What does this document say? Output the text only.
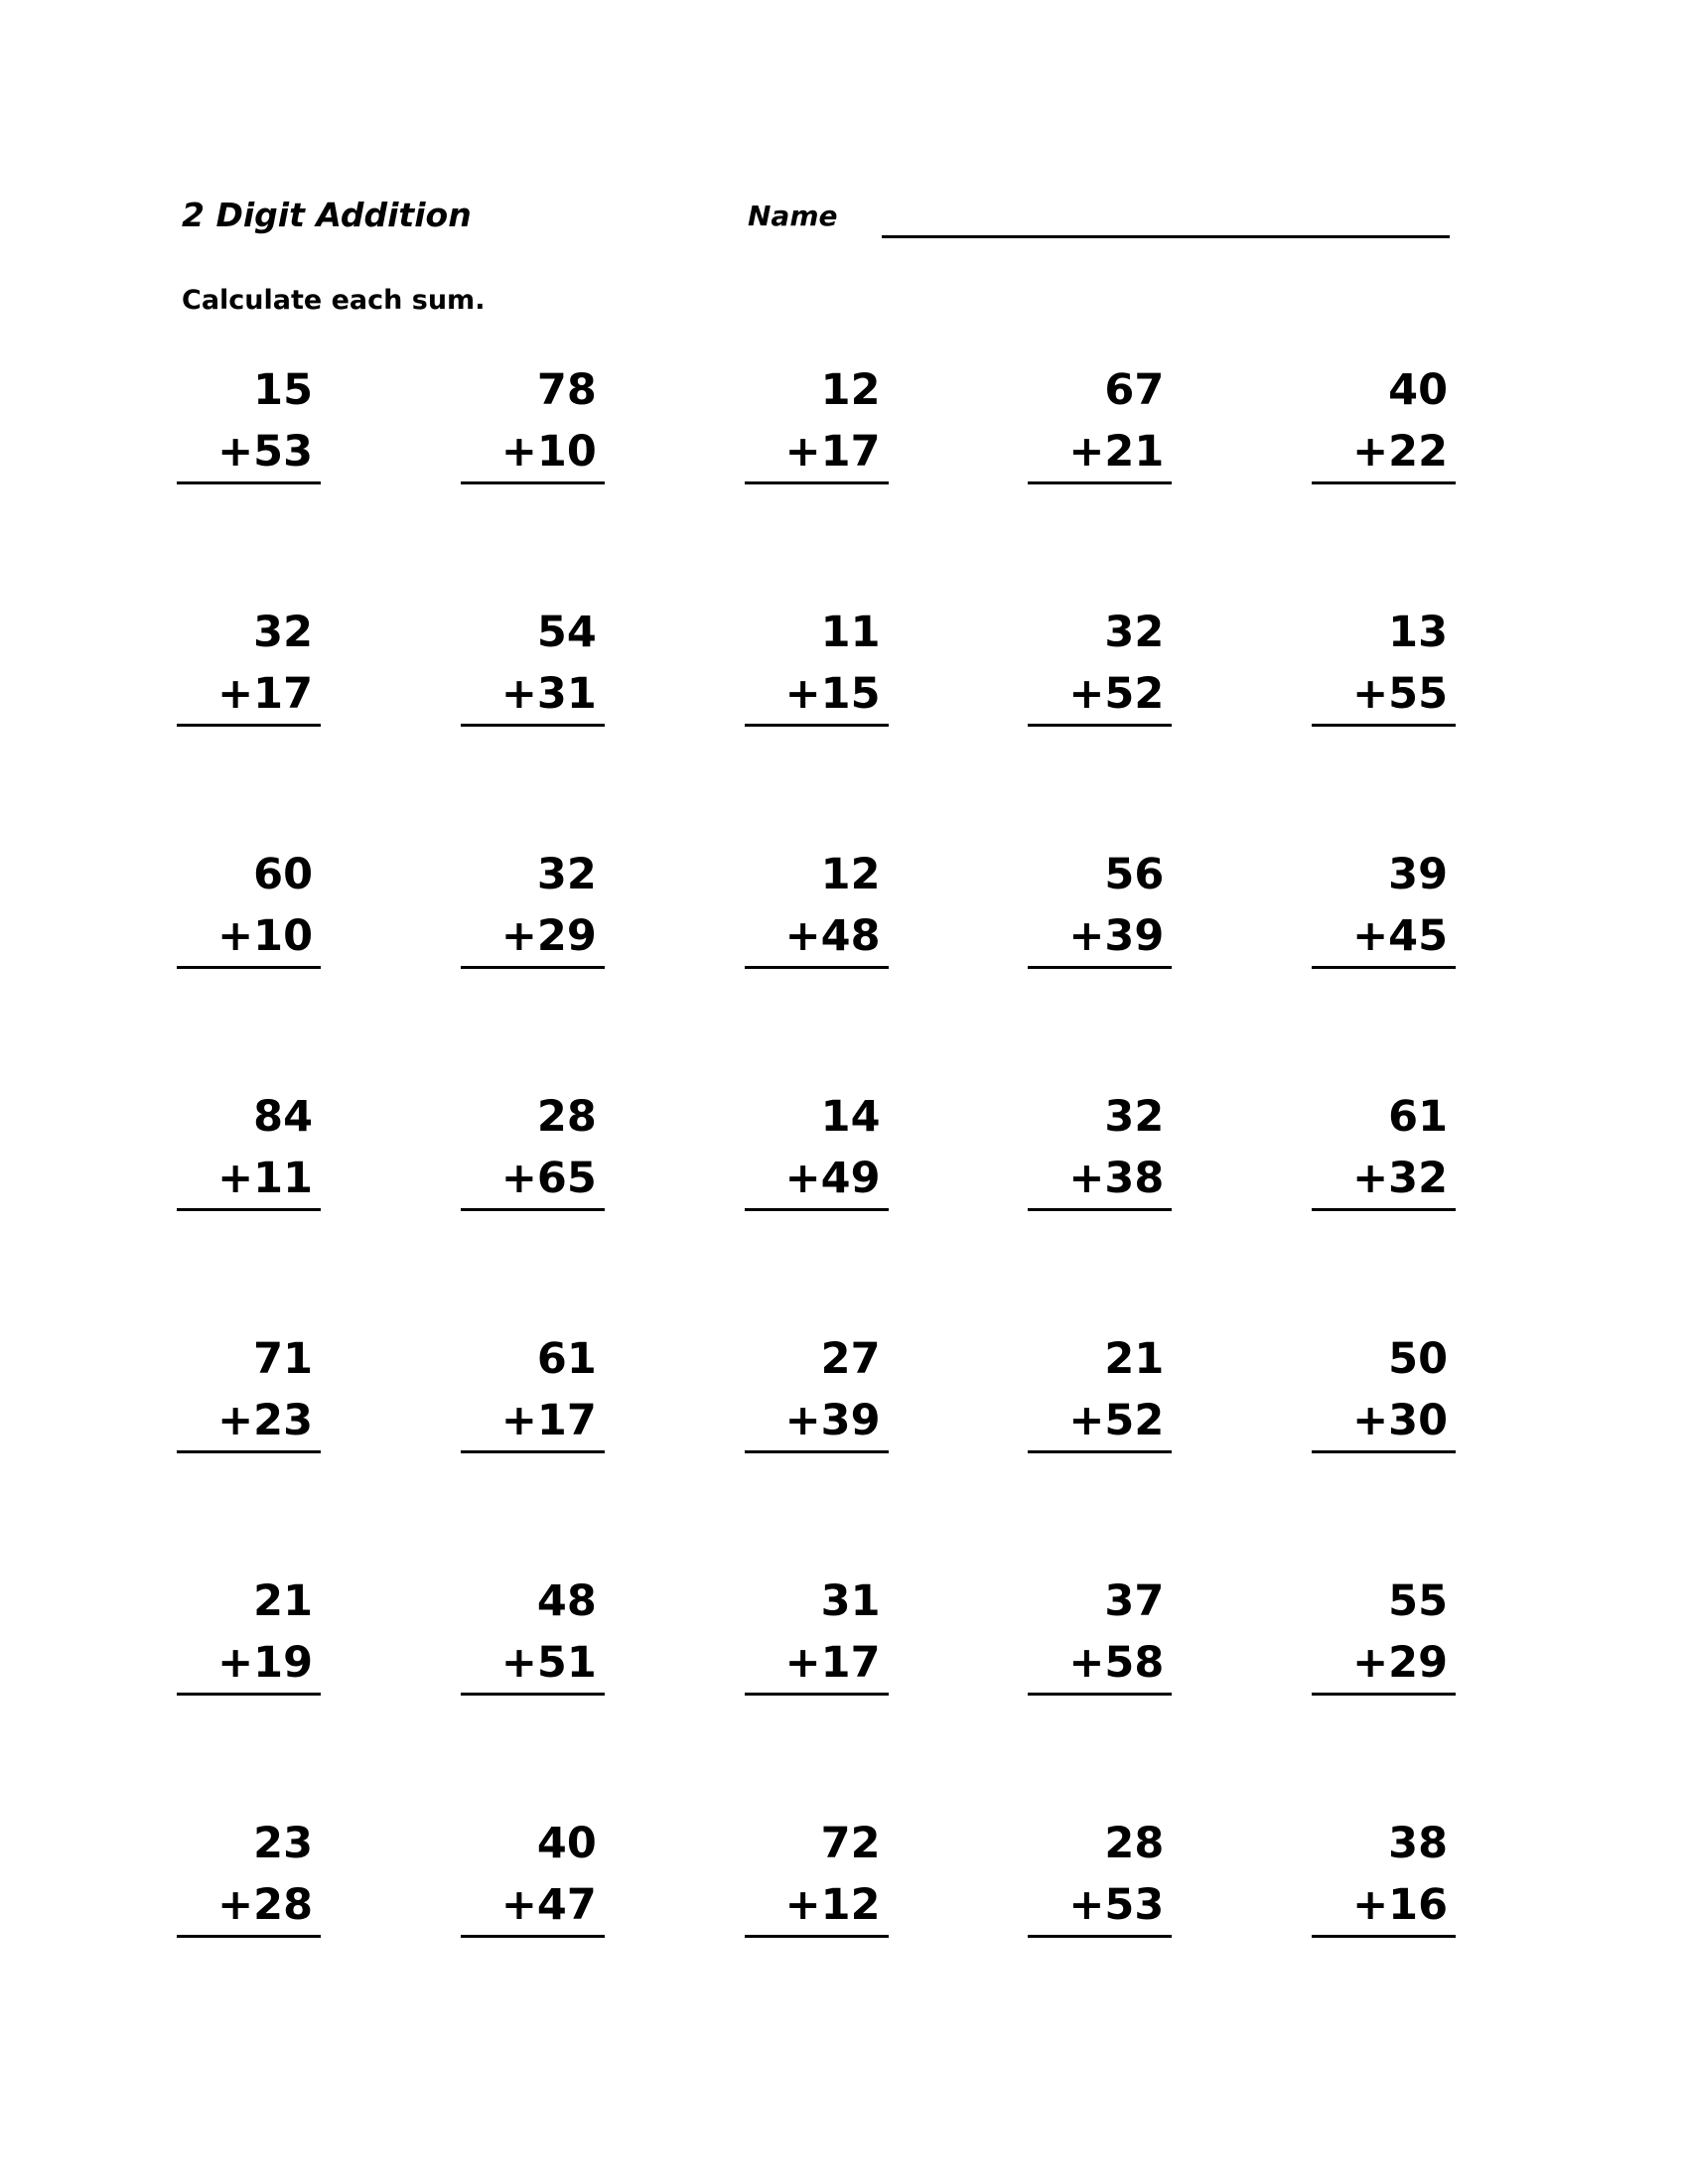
2 Digit Addition	Name
Calculate each sum.
15
+53
78
+10
12
+17
67
+21
40
+22
32
+17
54
+31
11
+15
32
+52
13
+55
60
+10
32
+29
12
+48
56
+39
39
+45
84
+11
28
+65
14
+49
32
+38
61
+32
71
+23
61
+17
27
+39
21
+52
50
+30
21
+19
48
+51
31
+17
37
+58
55
+29
23
+28
40
+47
72
+12
28
+53
38
+16
